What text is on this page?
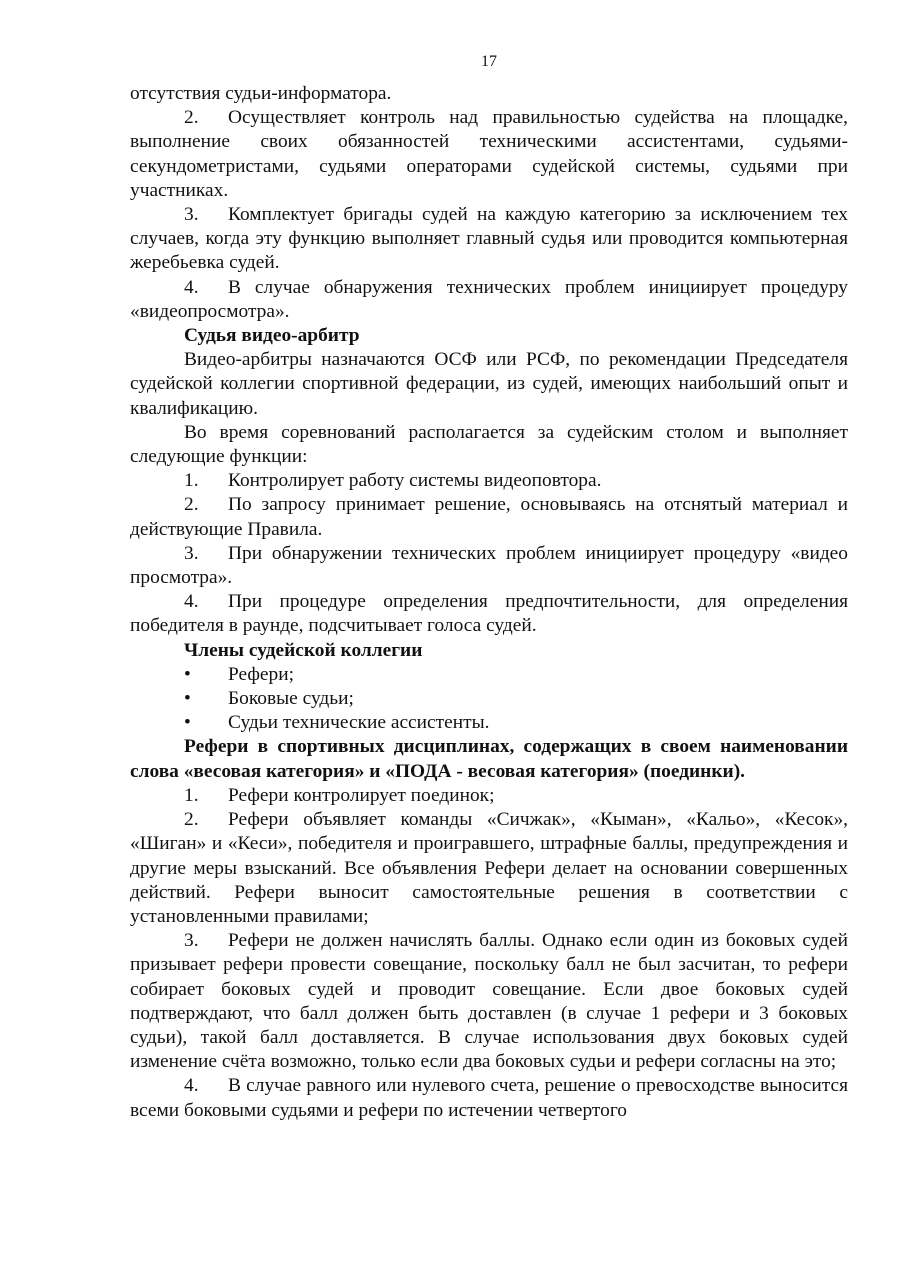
17

отсутствия судьи-информатора.

2. Осуществляет контроль над правильностью судейства на площадке, выполнение своих обязанностей техническими ассистентами, судьями-секундометристами, судьями операторами судейской системы, судьями при участниках.

3. Комплектует бригады судей на каждую категорию за исключением тех случаев, когда эту функцию выполняет главный судья или проводится компьютерная жеребьевка судей.

4. В случае обнаружения технических проблем инициирует процедуру «видеопросмотра».

Судья видео-арбитр

Видео-арбитры назначаются ОСФ или РСФ, по рекомендации Председателя судейской коллегии спортивной федерации, из судей, имеющих наибольший опыт и квалификацию.

Во время соревнований располагается за судейским столом и выполняет следующие функции:

1. Контролирует работу системы видеоповтора.

2. По запросу принимает решение, основываясь на отснятый материал и действующие Правила.

3. При обнаружении технических проблем инициирует процедуру «видео просмотра».

4. При процедуре определения предпочтительности, для определения победителя в раунде, подсчитывает голоса судей.

Члены судейской коллегии

• Рефери;

• Боковые судьи;

• Судьи технические ассистенты.

Рефери в спортивных дисциплинах, содержащих в своем наименовании слова «весовая категория» и «ПОДА - весовая категория» (поединки).

1. Рефери контролирует поединок;

2. Рефери объявляет команды «Сичжак», «Кыман», «Кальо», «Кесок», «Шиган» и «Кеси», победителя и проигравшего, штрафные баллы, предупреждения и другие меры взысканий. Все объявления Рефери делает на основании совершенных действий. Рефери выносит самостоятельные решения в соответствии с установленными правилами;

3. Рефери не должен начислять баллы. Однако если один из боковых судей призывает рефери провести совещание, поскольку балл не был засчитан, то рефери собирает боковых судей и проводит совещание. Если двое боковых судей подтверждают, что балл должен быть доставлен (в случае 1 рефери и 3 боковых судьи), такой балл доставляется. В случае использования двух боковых судей изменение счёта возможно, только если два боковых судьи и рефери согласны на это;

4. В случае равного или нулевого счета, решение о превосходстве выносится всеми боковыми судьями и рефери по истечении четвертого
